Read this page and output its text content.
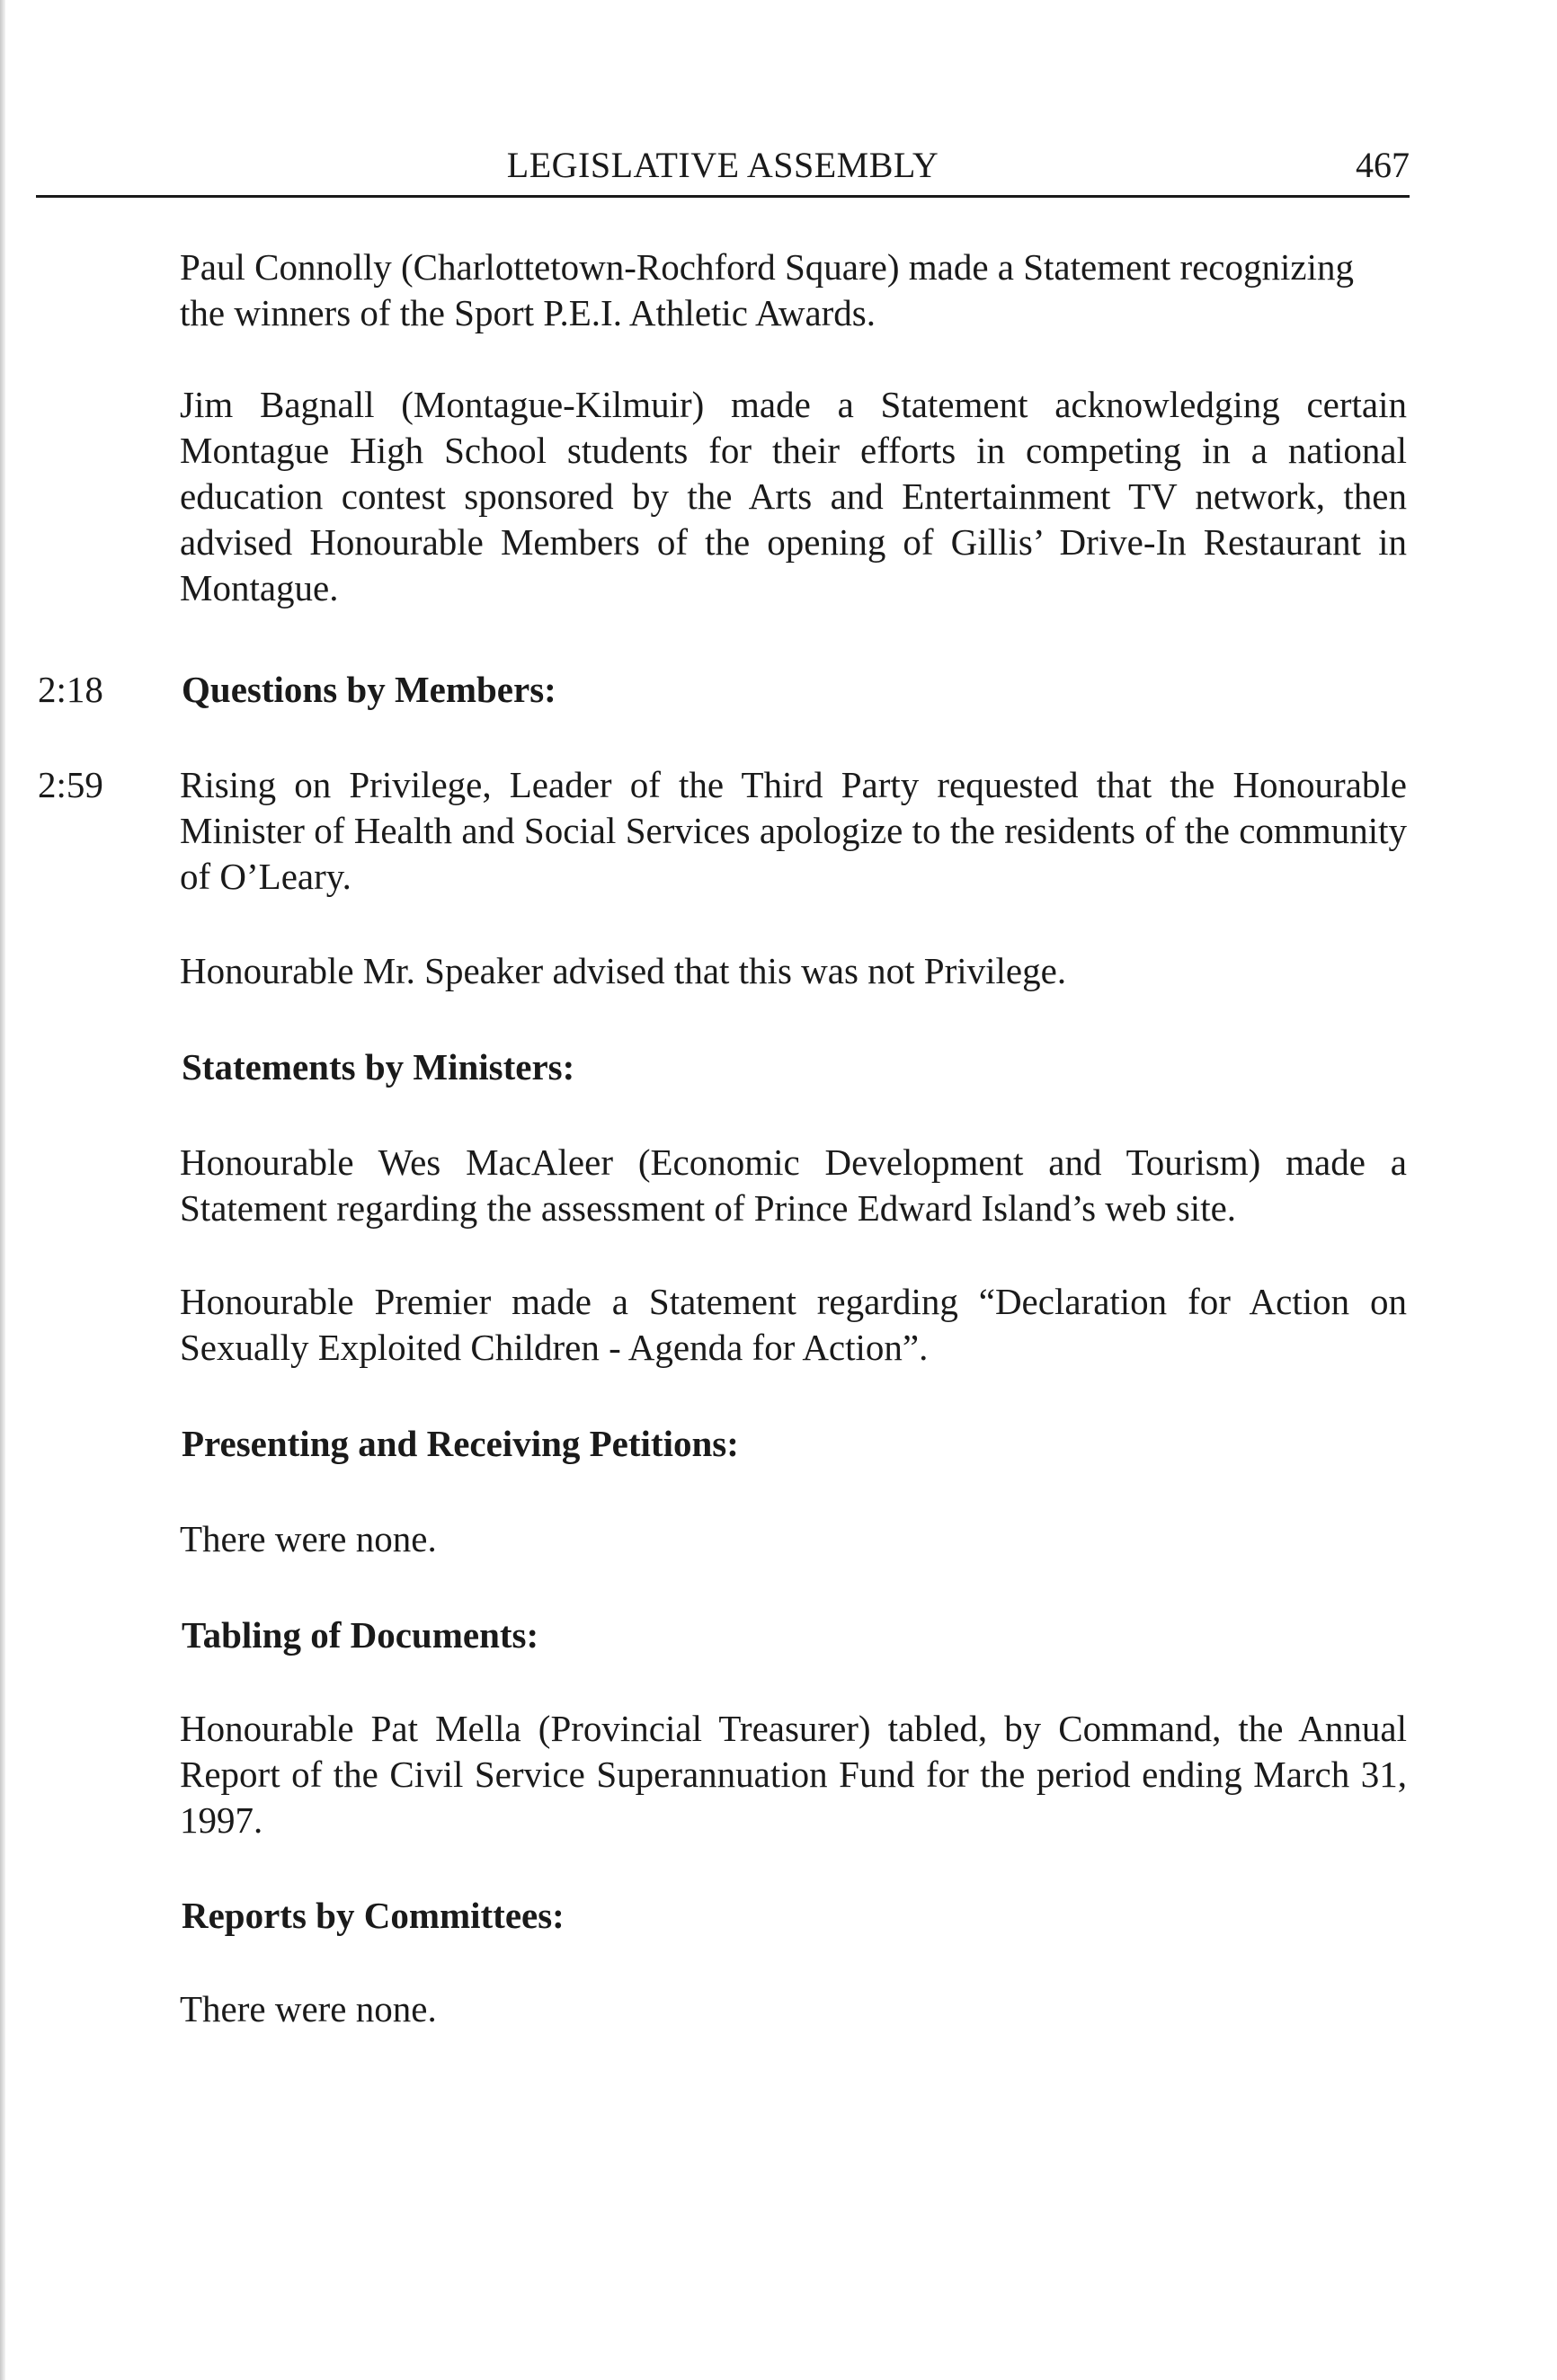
LEGISLATIVE ASSEMBLY	467

Paul Connolly (Charlottetown-Rochford Square) made a Statement recognizing the winners of the Sport P.E.I. Athletic Awards.

Jim Bagnall (Montague-Kilmuir) made a Statement acknowledging certain Montague High School students for their efforts in competing in a national education contest sponsored by the Arts and Entertainment TV network, then advised Honourable Members of the opening of Gillis’ Drive-In Restaurant in Montague.

2:18 Questions by Members:
2:59 Rising on Privilege, Leader of the Third Party requested that the Honourable Minister of Health and Social Services apologize to the residents of the community of O’Leary.

Honourable Mr. Speaker advised that this was not Privilege.

Statements by Ministers:

Honourable Wes MacAleer (Economic Development and Tourism) made a Statement regarding the assessment of Prince Edward Island’s web site.

Honourable Premier made a Statement regarding “Declaration for Action on Sexually Exploited Children - Agenda for Action”.

Presenting and Receiving Petitions:

There were none.

Tabling of Documents:

Honourable Pat Mella (Provincial Treasurer) tabled, by Command, the Annual Report of the Civil Service Superannuation Fund for the period ending March 31, 1997.

Reports by Committees:

There were none.
